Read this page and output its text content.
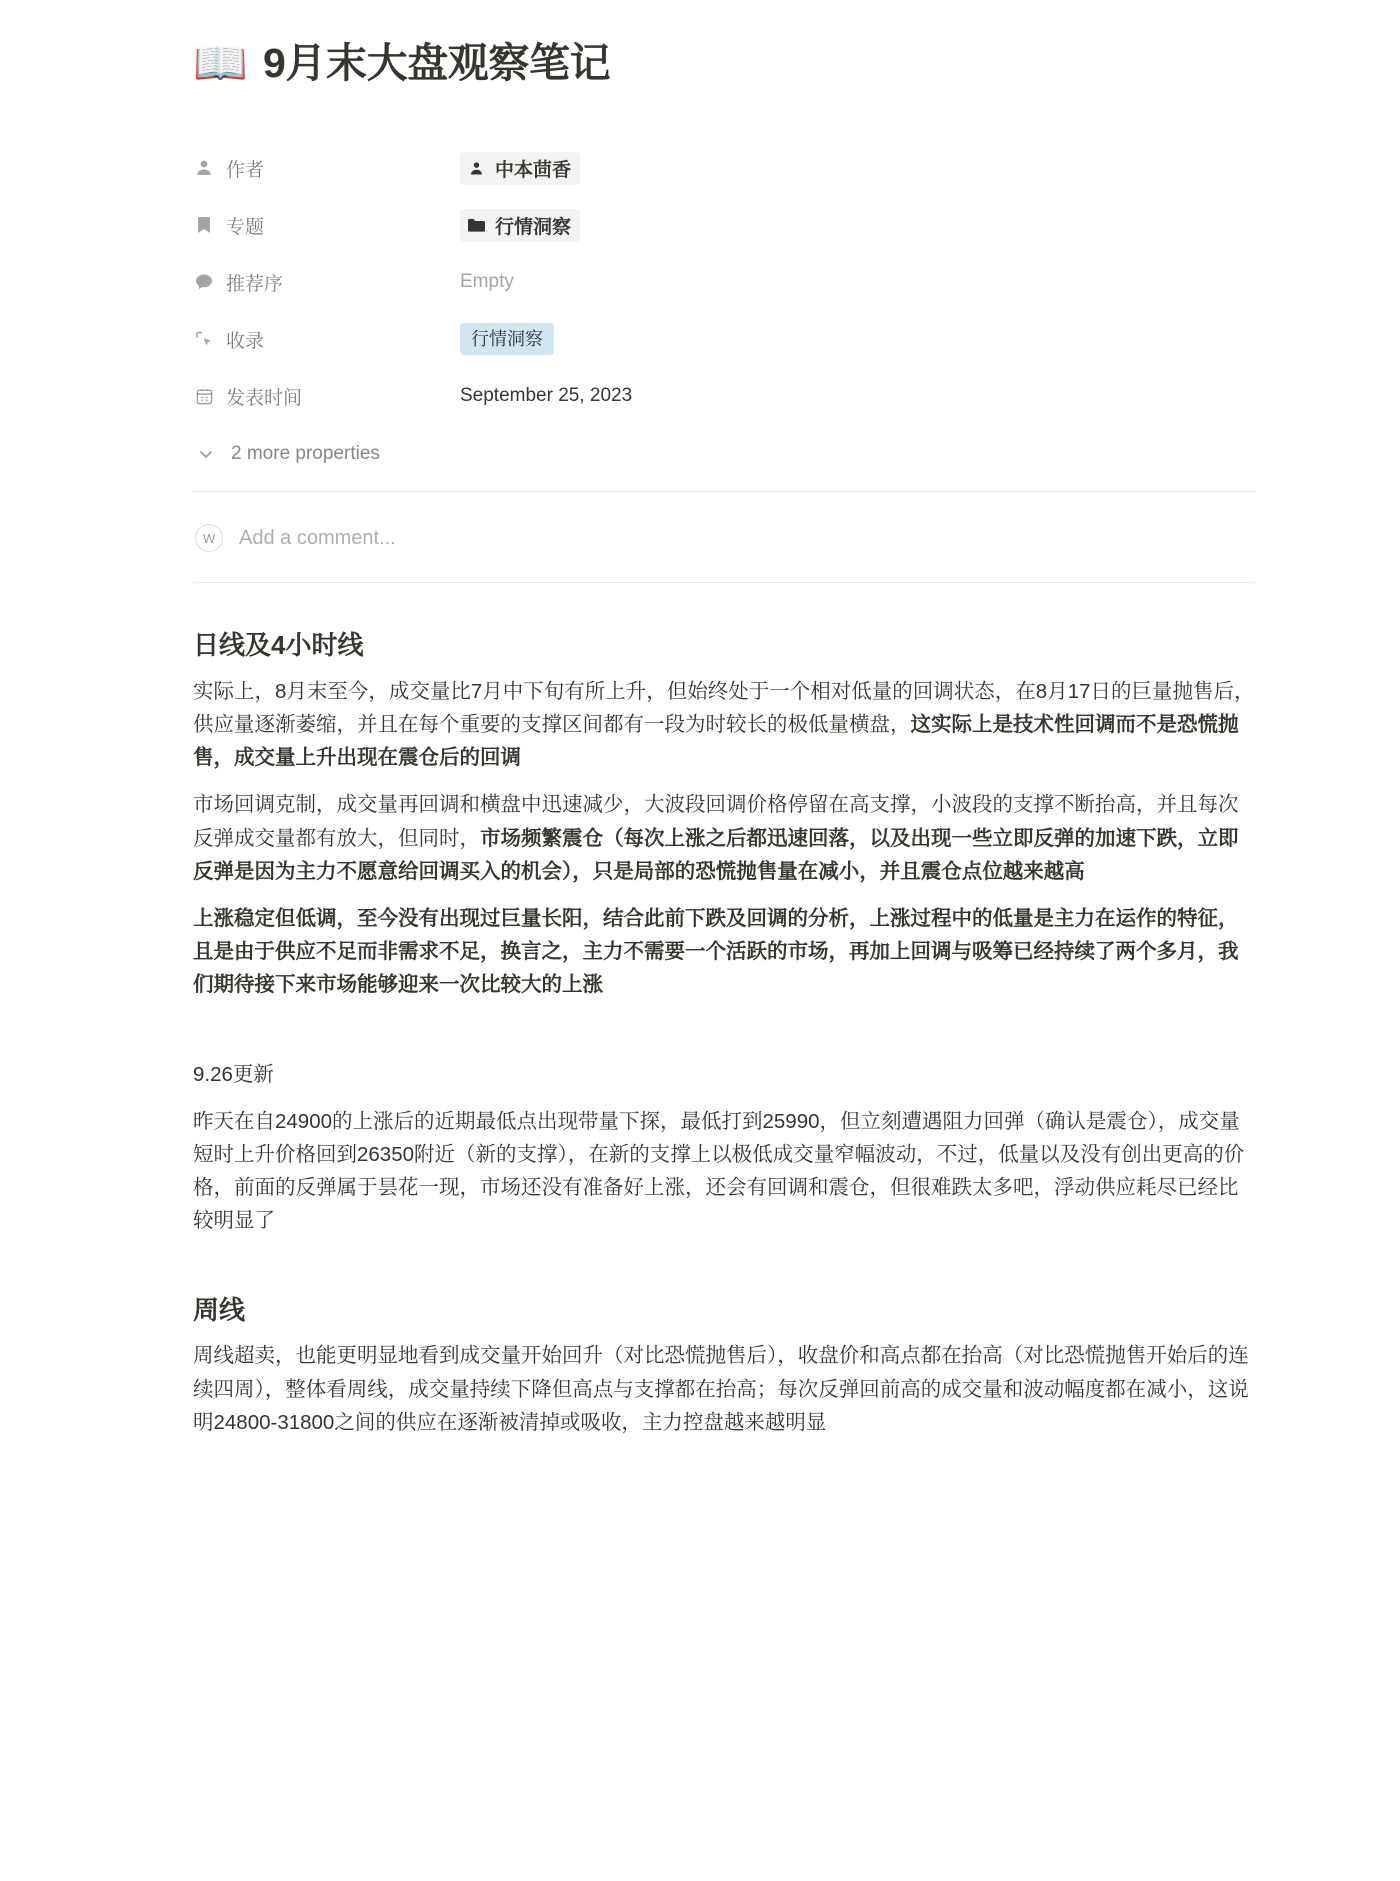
📖 9月末大盘观察笔记
作者	中本茴香
专题	行情洞察
推荐序	Empty
收录	行情洞察
发表时间	September 25, 2023
2 more properties
W	Add a comment...
日线及4小时线

实际上，8月末至今，成交量比7月中下旬有所上升，但始终处于一个相对低量的回调状态，在8月17日的巨量抛售后，供应量逐渐萎缩，并且在每个重要的支撑区间都有一段为时较长的极低量横盘，这实际上是技术性回调而不是恐慌抛售，成交量上升出现在震仓后的回调

市场回调克制，成交量再回调和横盘中迅速减少，大波段回调价格停留在高支撑，小波段的支撑不断抬高，并且每次反弹成交量都有放大，但同时，市场频繁震仓（每次上涨之后都迅速回落，以及出现一些立即反弹的加速下跌，立即反弹是因为主力不愿意给回调买入的机会），只是局部的恐慌抛售量在减小，并且震仓点位越来越高

上涨稳定但低调，至今没有出现过巨量长阳，结合此前下跌及回调的分析，上涨过程中的低量是主力在运作的特征，且是由于供应不足而非需求不足，换言之，主力不需要一个活跃的市场，再加上回调与吸筹已经持续了两个多月，我们期待接下来市场能够迎来一次比较大的上涨

9.26更新

昨天在自24900的上涨后的近期最低点出现带量下探，最低打到25990，但立刻遭遇阻力回弹（确认是震仓），成交量短时上升价格回到26350附近（新的支撑），在新的支撑上以极低成交量窄幅波动，不过，低量以及没有创出更高的价格，前面的反弹属于昙花一现，市场还没有准备好上涨，还会有回调和震仓，但很难跌太多吧，浮动供应耗尽已经比较明显了

周线

周线超卖，也能更明显地看到成交量开始回升（对比恐慌抛售后），收盘价和高点都在抬高（对比恐慌抛售开始后的连续四周），整体看周线，成交量持续下降但高点与支撑都在抬高；每次反弹回前高的成交量和波动幅度都在减小，这说明24800-31800之间的供应在逐渐被清掉或吸收，主力控盘越来越明显
